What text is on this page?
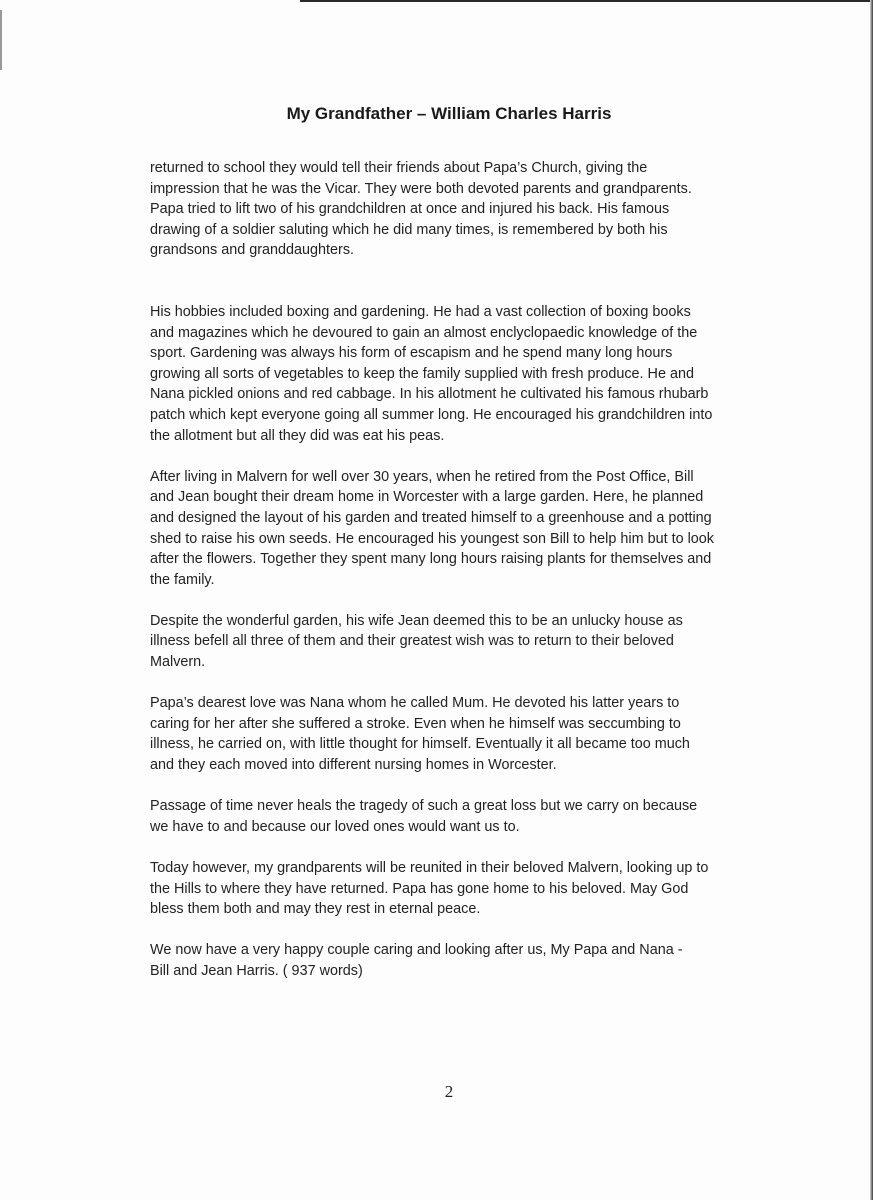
My Grandfather – William Charles Harris

returned to school they would tell their friends about Papa’s Church, giving the
impression that he was the Vicar. They were both devoted parents and grandparents.
Papa tried to lift two of his grandchildren at once and injured his back. His famous
drawing of a soldier saluting which he did many times, is remembered by both his
grandsons and granddaughters.

His hobbies included boxing and gardening. He had a vast collection of boxing books
and magazines which he devoured to gain an almost enclyclopaedic knowledge of the
sport. Gardening was always his form of escapism and he spend many long hours
growing all sorts of vegetables to keep the family supplied with fresh produce. He and
Nana pickled onions and red cabbage. In his allotment he cultivated his famous rhubarb
patch which kept everyone going all summer long. He encouraged his grandchildren into
the allotment but all they did was eat his peas.

After living in Malvern for well over 30 years, when he retired from the Post Office, Bill
and Jean bought their dream home in Worcester with a large garden. Here, he planned
and designed the layout of his garden and treated himself to a greenhouse and a potting
shed to raise his own seeds. He encouraged his youngest son Bill to help him but to look
after the flowers. Together they spent many long hours raising plants for themselves and
the family.

Despite the wonderful garden, his wife Jean deemed this to be an unlucky house as
illness befell all three of them and their greatest wish was to return to their beloved
Malvern.

Papa’s dearest love was Nana whom he called Mum. He devoted his latter years to
caring for her after she suffered a stroke. Even when he himself was seccumbing to
illness, he carried on, with little thought for himself. Eventually it all became too much
and they each moved into different nursing homes in Worcester.

Passage of time never heals the tragedy of such a great loss but we carry on because
we have to and because our loved ones would want us to.

Today however, my grandparents will be reunited in their beloved Malvern, looking up to
the Hills to where they have returned. Papa has gone home to his beloved. May God
bless them both and may they rest in eternal peace.

We now have a very happy couple caring and looking after us, My Papa and Nana -
Bill and Jean Harris. ( 937 words)

2
